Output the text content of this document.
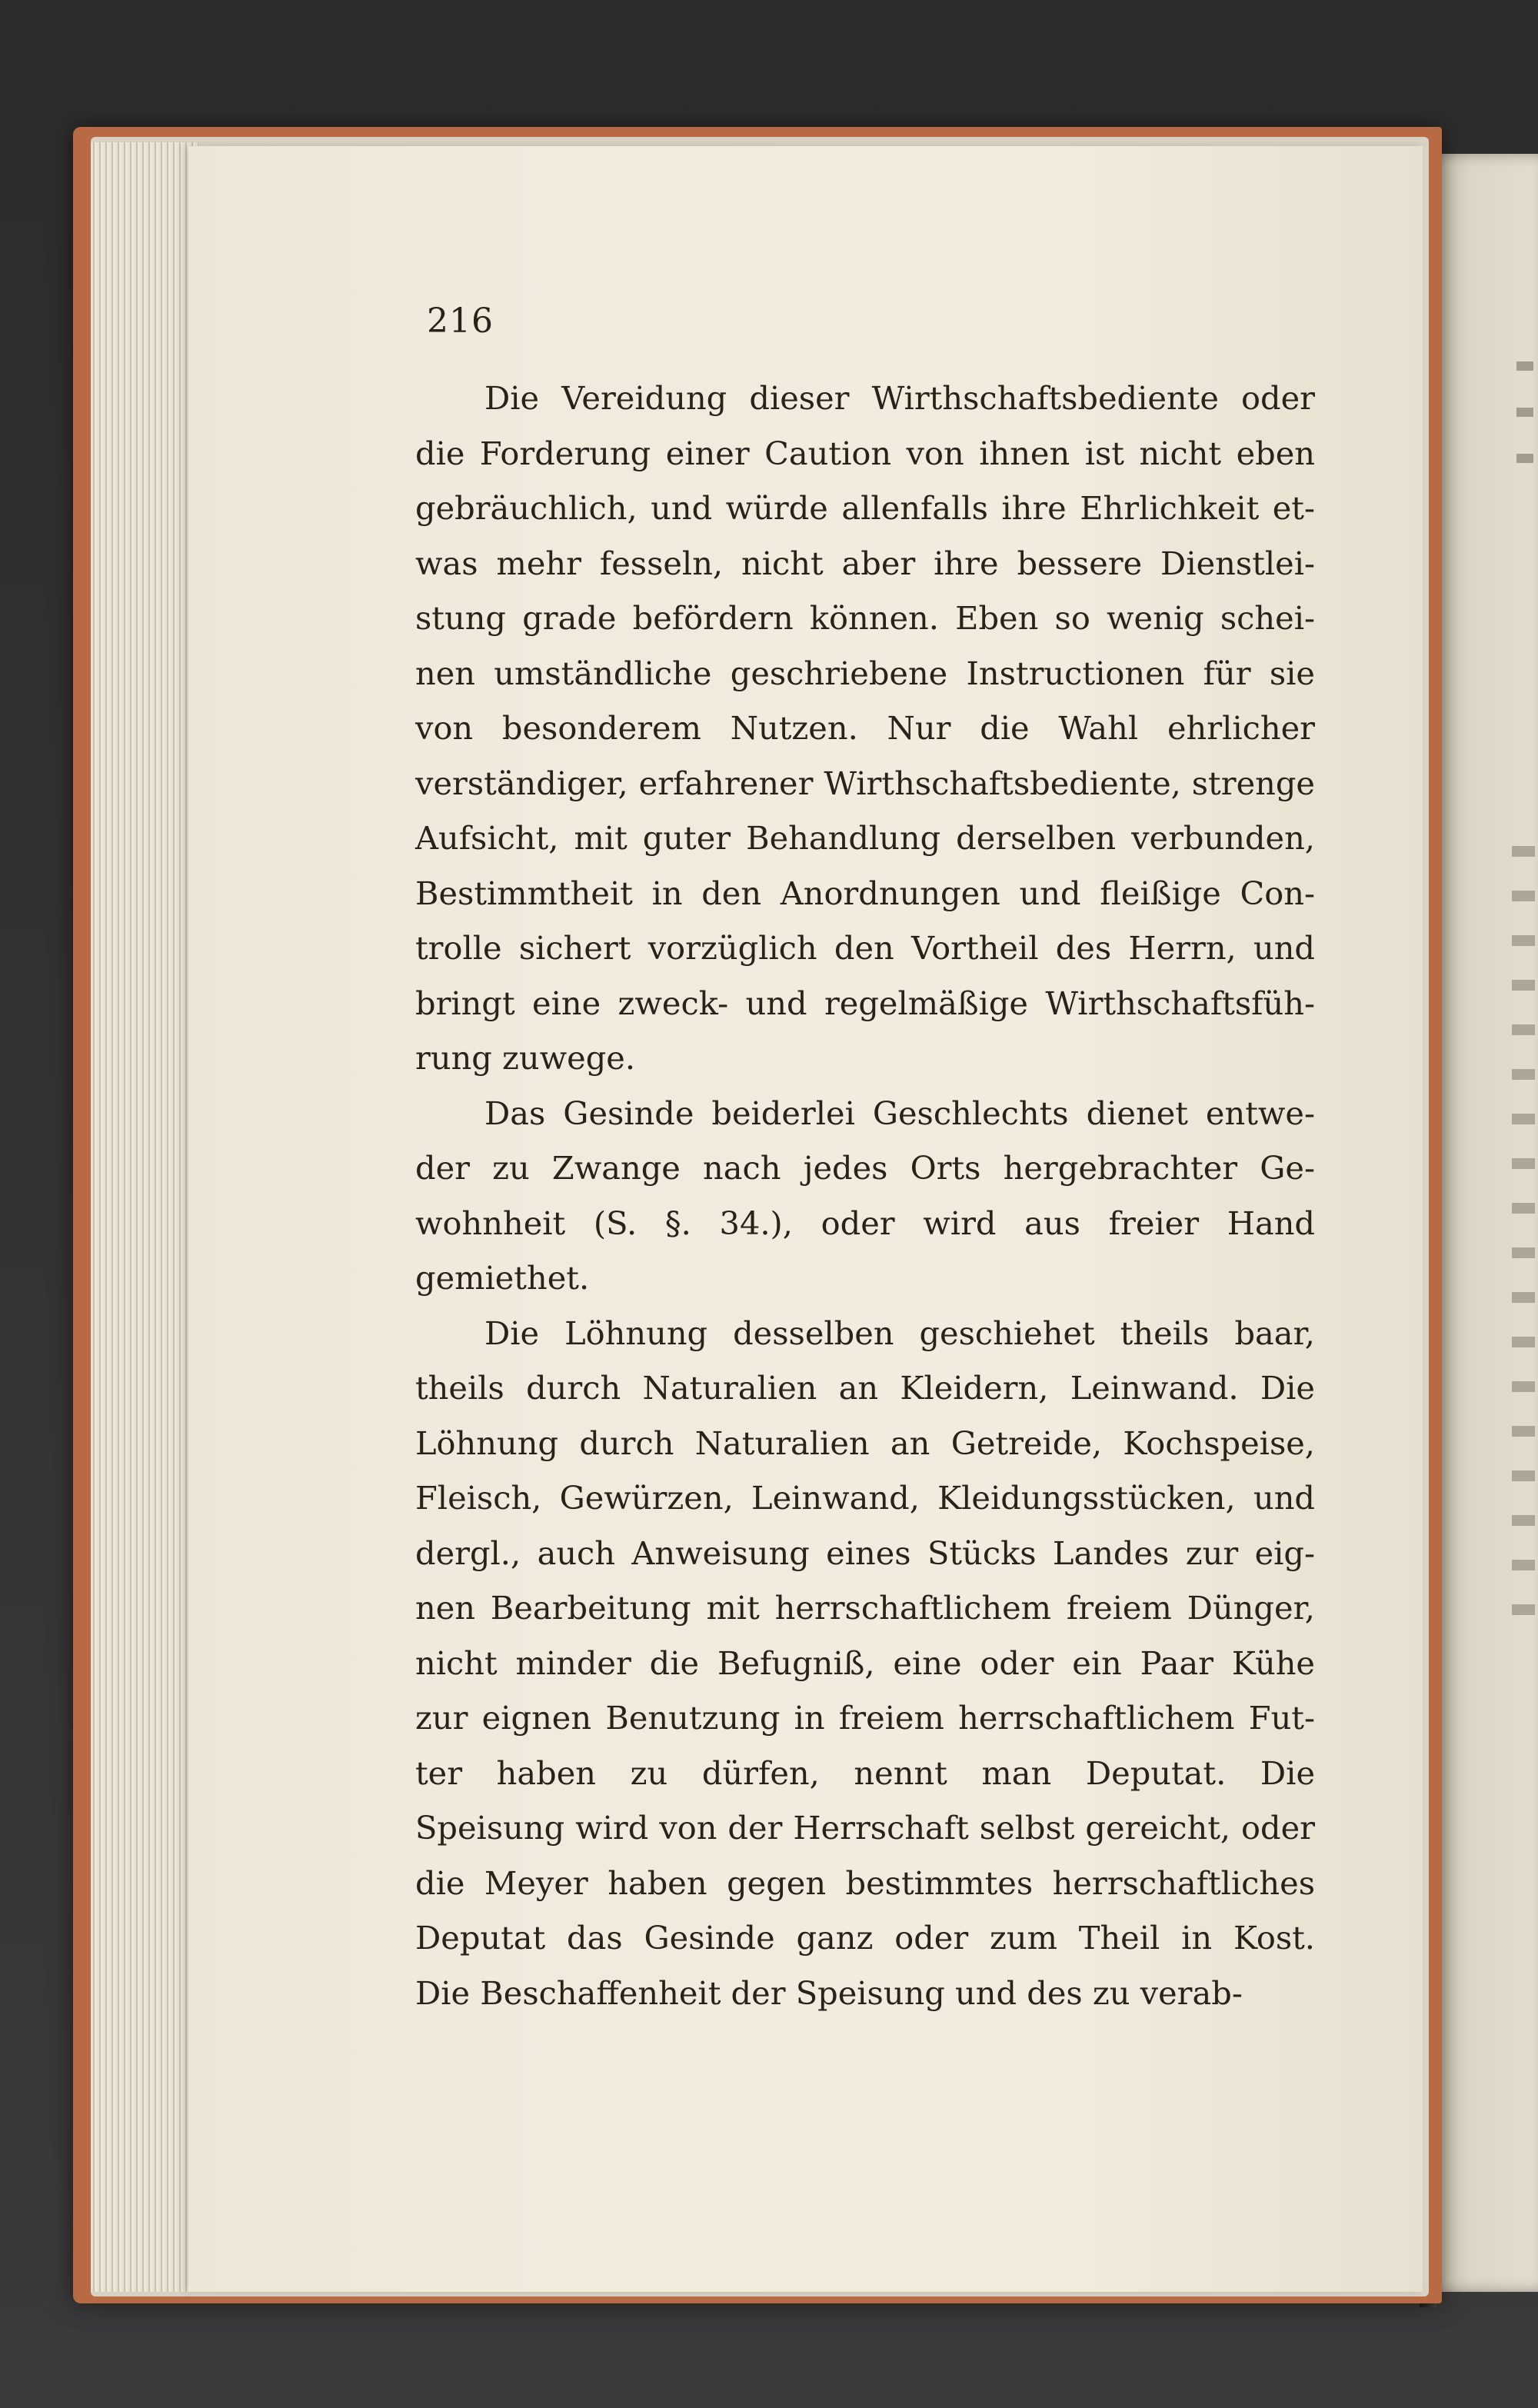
216

Die Vereidung dieser Wirthschaftsbediente oder
die Forderung einer Caution von ihnen ist nicht eben
gebräuchlich, und würde allenfalls ihre Ehrlichkeit et-
was mehr fesseln, nicht aber ihre bessere Dienstlei-
stung grade befördern können. Eben so wenig schei-
nen umständliche geschriebene Instructionen für sie
von besonderem Nutzen. Nur die Wahl ehrlicher
verständiger, erfahrener Wirthschaftsbediente, strenge
Aufsicht, mit guter Behandlung derselben verbunden,
Bestimmtheit in den Anordnungen und fleißige Con-
trolle sichert vorzüglich den Vortheil des Herrn, und
bringt eine zweck- und regelmäßige Wirthschaftsfüh-
rung zuwege.
Das Gesinde beiderlei Geschlechts dienet entwe-
der zu Zwange nach jedes Orts hergebrachter Ge-
wohnheit (S. §. 34.), oder wird aus freier Hand
gemiethet.
Die Löhnung desselben geschiehet theils baar,
theils durch Naturalien an Kleidern, Leinwand. Die
Löhnung durch Naturalien an Getreide, Kochspeise,
Fleisch, Gewürzen, Leinwand, Kleidungsstücken, und
dergl., auch Anweisung eines Stücks Landes zur eig-
nen Bearbeitung mit herrschaftlichem freiem Dünger,
nicht minder die Befugniß, eine oder ein Paar Kühe
zur eignen Benutzung in freiem herrschaftlichem Fut-
ter haben zu dürfen, nennt man Deputat. Die
Speisung wird von der Herrschaft selbst gereicht, oder
die Meyer haben gegen bestimmtes herrschaftliches
Deputat das Gesinde ganz oder zum Theil in Kost.
Die Beschaffenheit der Speisung und des zu verab-
